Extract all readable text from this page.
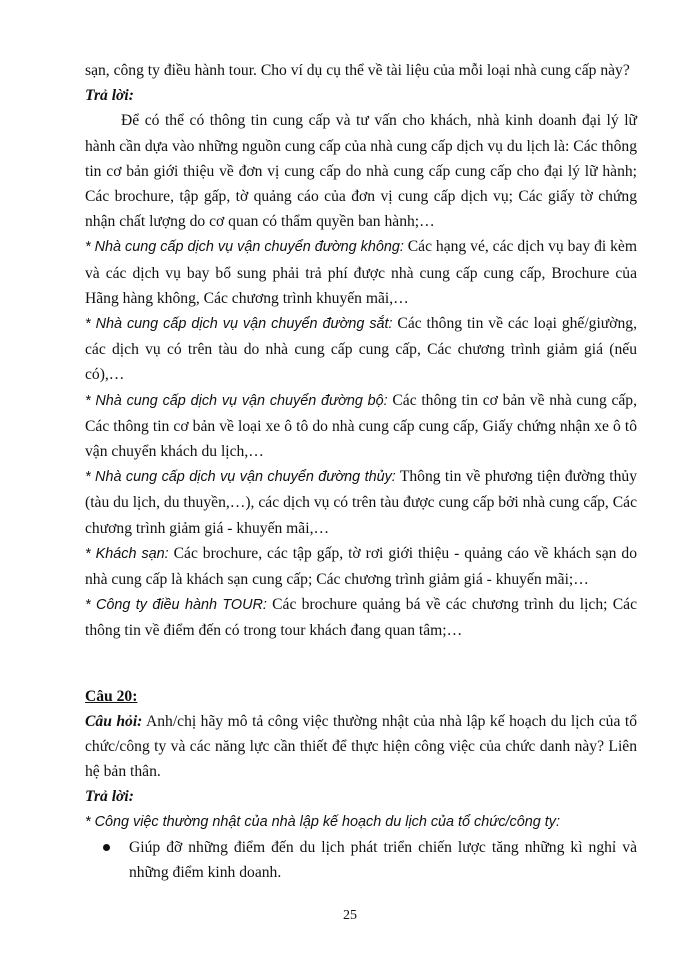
sạn, công ty điều hành tour. Cho ví dụ cụ thể về tài liệu của mỗi loại nhà cung cấp này?

Trả lời:

Để có thể có thông tin cung cấp và tư vấn cho khách, nhà kinh doanh đại lý lữ hành cần dựa vào những nguồn cung cấp của nhà cung cấp dịch vụ du lịch là: Các thông tin cơ bản giới thiệu về đơn vị cung cấp do nhà cung cấp cung cấp cho đại lý lữ hành; Các brochure, tập gấp, tờ quảng cáo của đơn vị cung cấp dịch vụ; Các giấy tờ chứng nhận chất lượng do cơ quan có thẩm quyền ban hành;…

* Nhà cung cấp dịch vụ vận chuyển đường không: Các hạng vé, các dịch vụ bay đi kèm và các dịch vụ bay bổ sung phải trả phí được nhà cung cấp cung cấp, Brochure của Hãng hàng không, Các chương trình khuyến mãi,…

* Nhà cung cấp dịch vụ vận chuyển đường sắt: Các thông tin về các loại ghế/giường, các dịch vụ có trên tàu do nhà cung cấp cung cấp, Các chương trình giảm giá (nếu có),…

* Nhà cung cấp dịch vụ vận chuyển đường bộ: Các thông tin cơ bản về nhà cung cấp, Các thông tin cơ bản về loại xe ô tô do nhà cung cấp cung cấp, Giấy chứng nhận xe ô tô vận chuyển khách du lịch,…

* Nhà cung cấp dịch vụ vận chuyển đường thủy: Thông tin về phương tiện đường thủy (tàu du lịch, du thuyền,…), các dịch vụ có trên tàu được cung cấp bởi nhà cung cấp, Các chương trình giảm giá - khuyến mãi,…

* Khách sạn: Các brochure, các tập gấp, tờ rơi giới thiệu - quảng cáo về khách sạn do nhà cung cấp là khách sạn cung cấp; Các chương trình giảm giá - khuyến mãi;…

* Công ty điều hành TOUR: Các brochure quảng bá về các chương trình du lịch; Các thông tin về điểm đến có trong tour khách đang quan tâm;…

Câu 20:

Câu hỏi: Anh/chị hãy mô tả công việc thường nhật của nhà lập kế hoạch du lịch của tổ chức/công ty và các năng lực cần thiết để thực hiện công việc của chức danh này? Liên hệ bản thân.

Trả lời:

* Công việc thường nhật của nhà lập kế hoạch du lịch của tổ chức/công ty:

Giúp đỡ những điểm đến du lịch phát triển chiến lược tăng những kì nghỉ và những điểm kinh doanh.
25
